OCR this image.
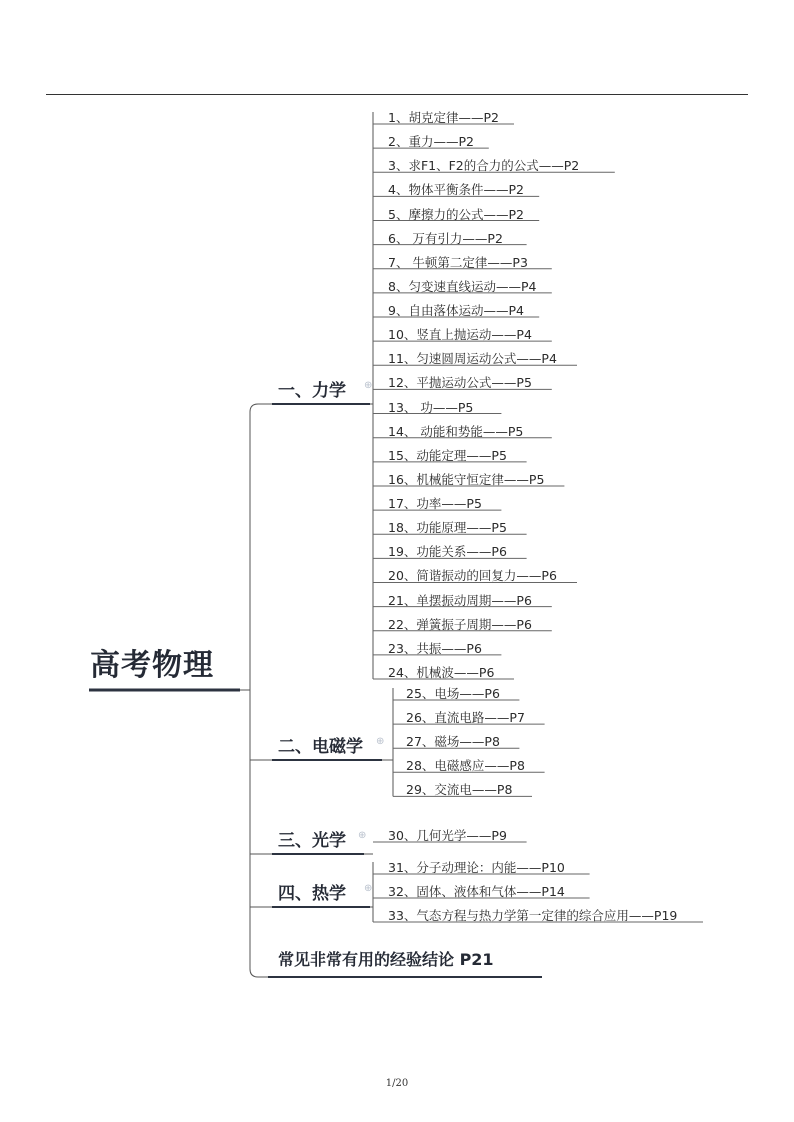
高考物理
一、力学 ⊕
1、胡克定律——P2
2、重力——P2
3、求F1、F2的合力的公式——P2
4、物体平衡条件——P2
5、摩擦力的公式——P2
6、 万有引力——P2
7、 牛顿第二定律——P3
8、匀变速直线运动——P4
9、自由落体运动——P4
10、竖直上抛运动——P4
11、匀速圆周运动公式——P4
12、平抛运动公式——P5
13、 功——P5
14、 动能和势能——P5
15、动能定理——P5
16、机械能守恒定律——P5
17、功率——P5
18、功能原理——P5
19、功能关系——P6
20、简谐振动的回复力——P6
21、单摆振动周期——P6
22、弹簧振子周期——P6
23、共振——P6
24、机械波——P6
二、电磁学 ⊕
25、电场——P6
26、直流电路——P7
27、磁场——P8
28、电磁感应——P8
29、交流电——P8
三、光学 ⊕ 30、几何光学——P9
四、热学 ⊕
31、分子动理论：内能——P10
32、固体、液体和气体——P14
33、气态方程与热力学第一定律的综合应用——P19
常见非常有用的经验结论 P21
1/20
